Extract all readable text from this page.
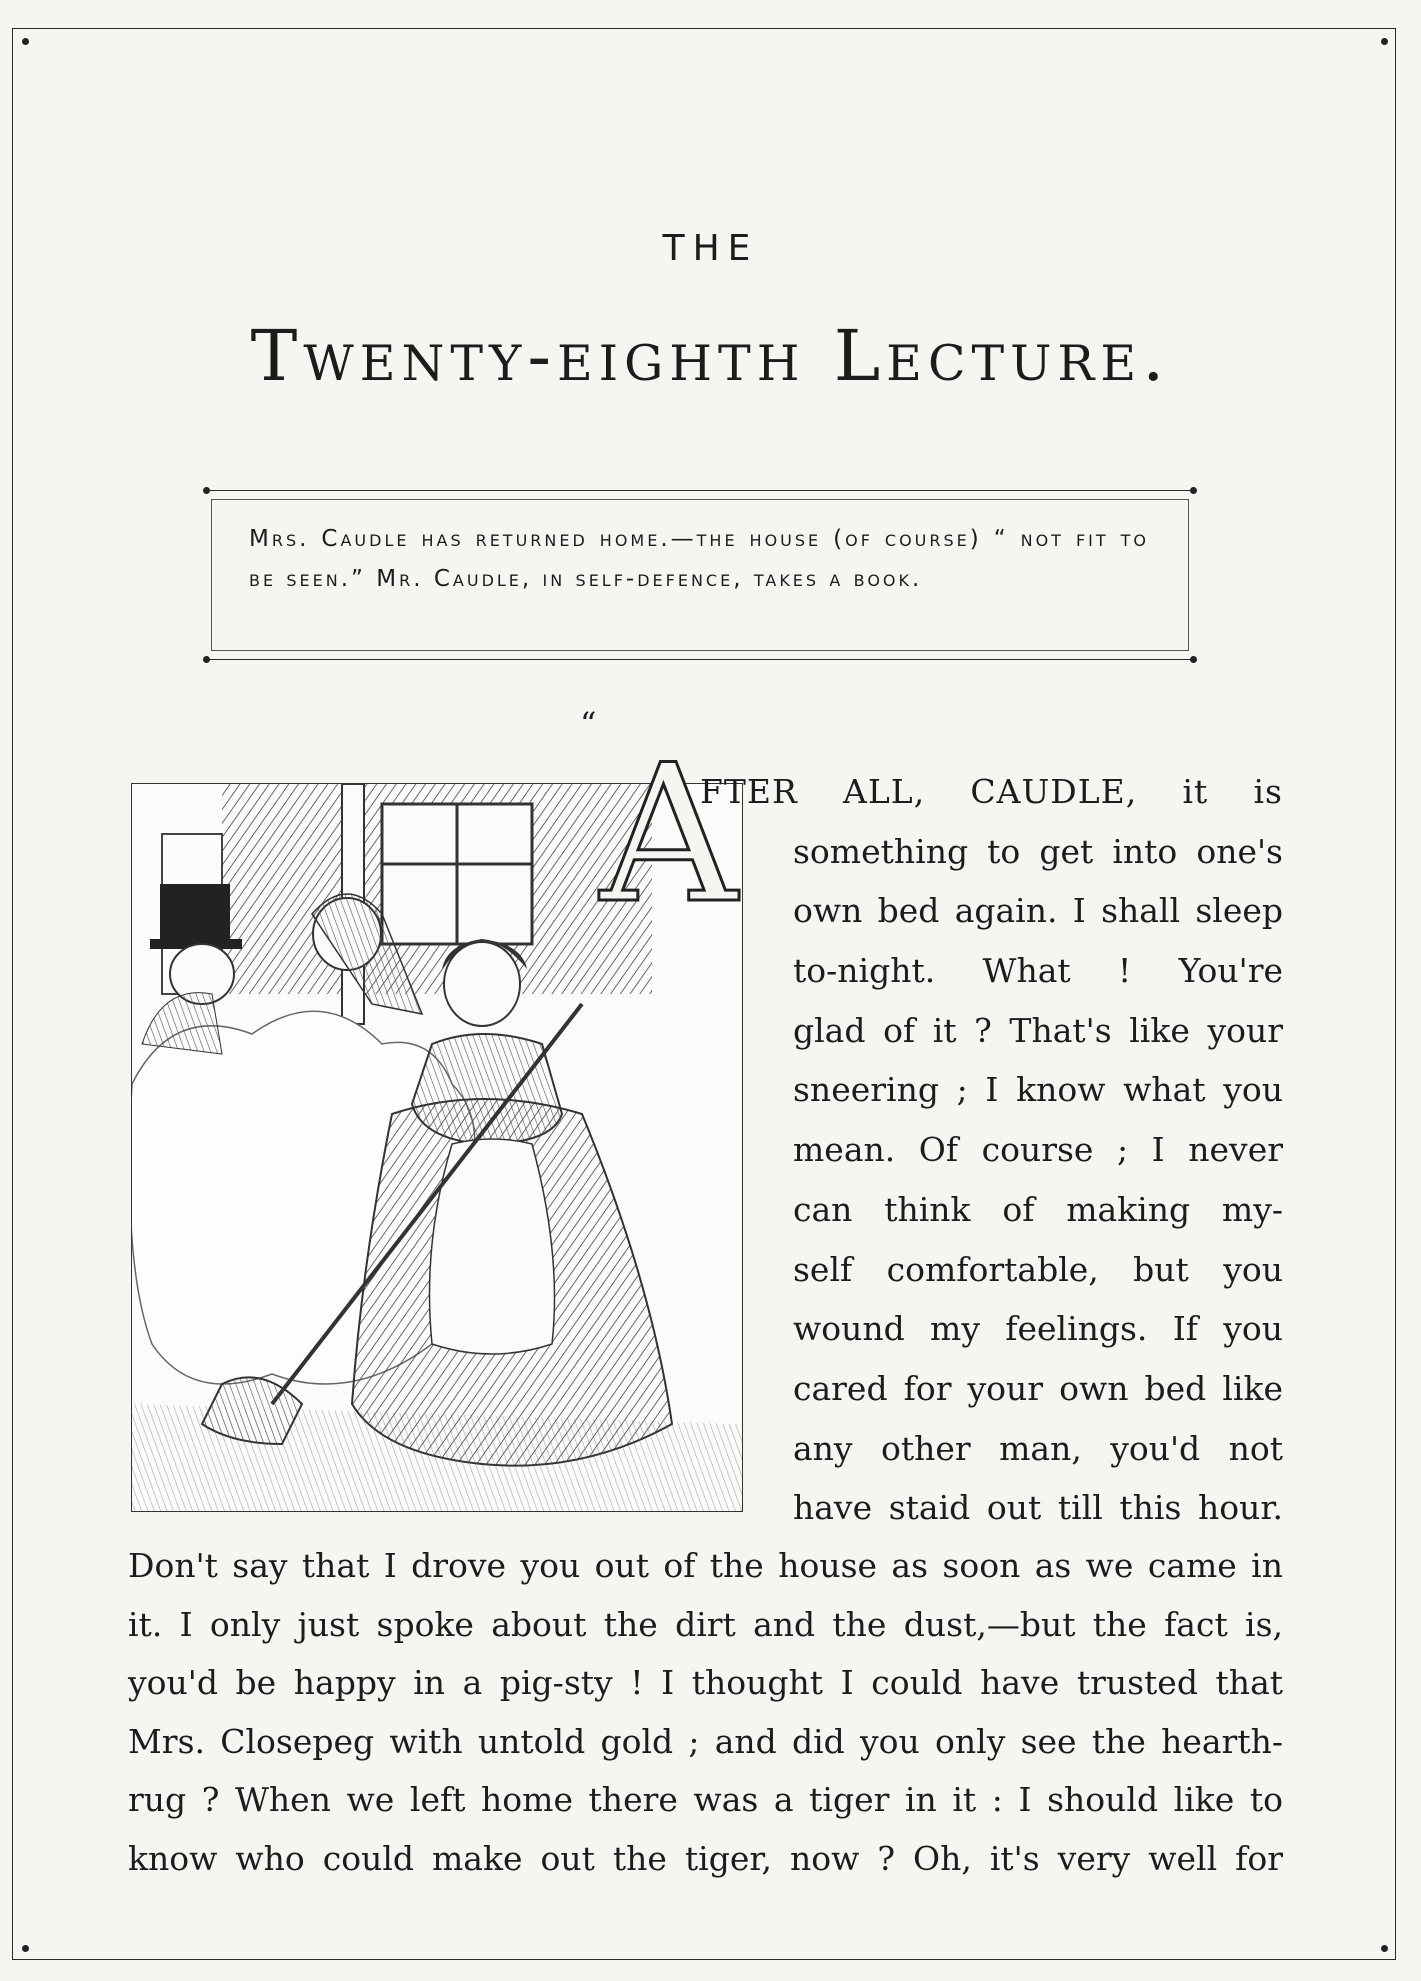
THE
Twenty-eighth Lecture.
Mrs. Caudle has returned home.—the house (of course) “ not fit to be seen.” Mr. Caudle, in self-defence, takes a book.
“ A
FTER ALL, CAUDLE, it is
something to get into one's
own bed again. I shall sleep
to-night. What ! You're
glad of it ? That's like your
sneering ; I know what you
mean. Of course ; I never
can think of making my-
self comfortable, but you
wound my feelings. If you
cared for your own bed like
any other man, you'd not
have staid out till this hour.
Don't say that I drove you out of the house as soon as we came in
it. I only just spoke about the dirt and the dust,—but the fact is,
you'd be happy in a pig-sty ! I thought I could have trusted that
Mrs. Closepeg with untold gold ; and did you only see the hearth-
rug ? When we left home there was a tiger in it : I should like to
know who could make out the tiger, now ? Oh, it's very well for
